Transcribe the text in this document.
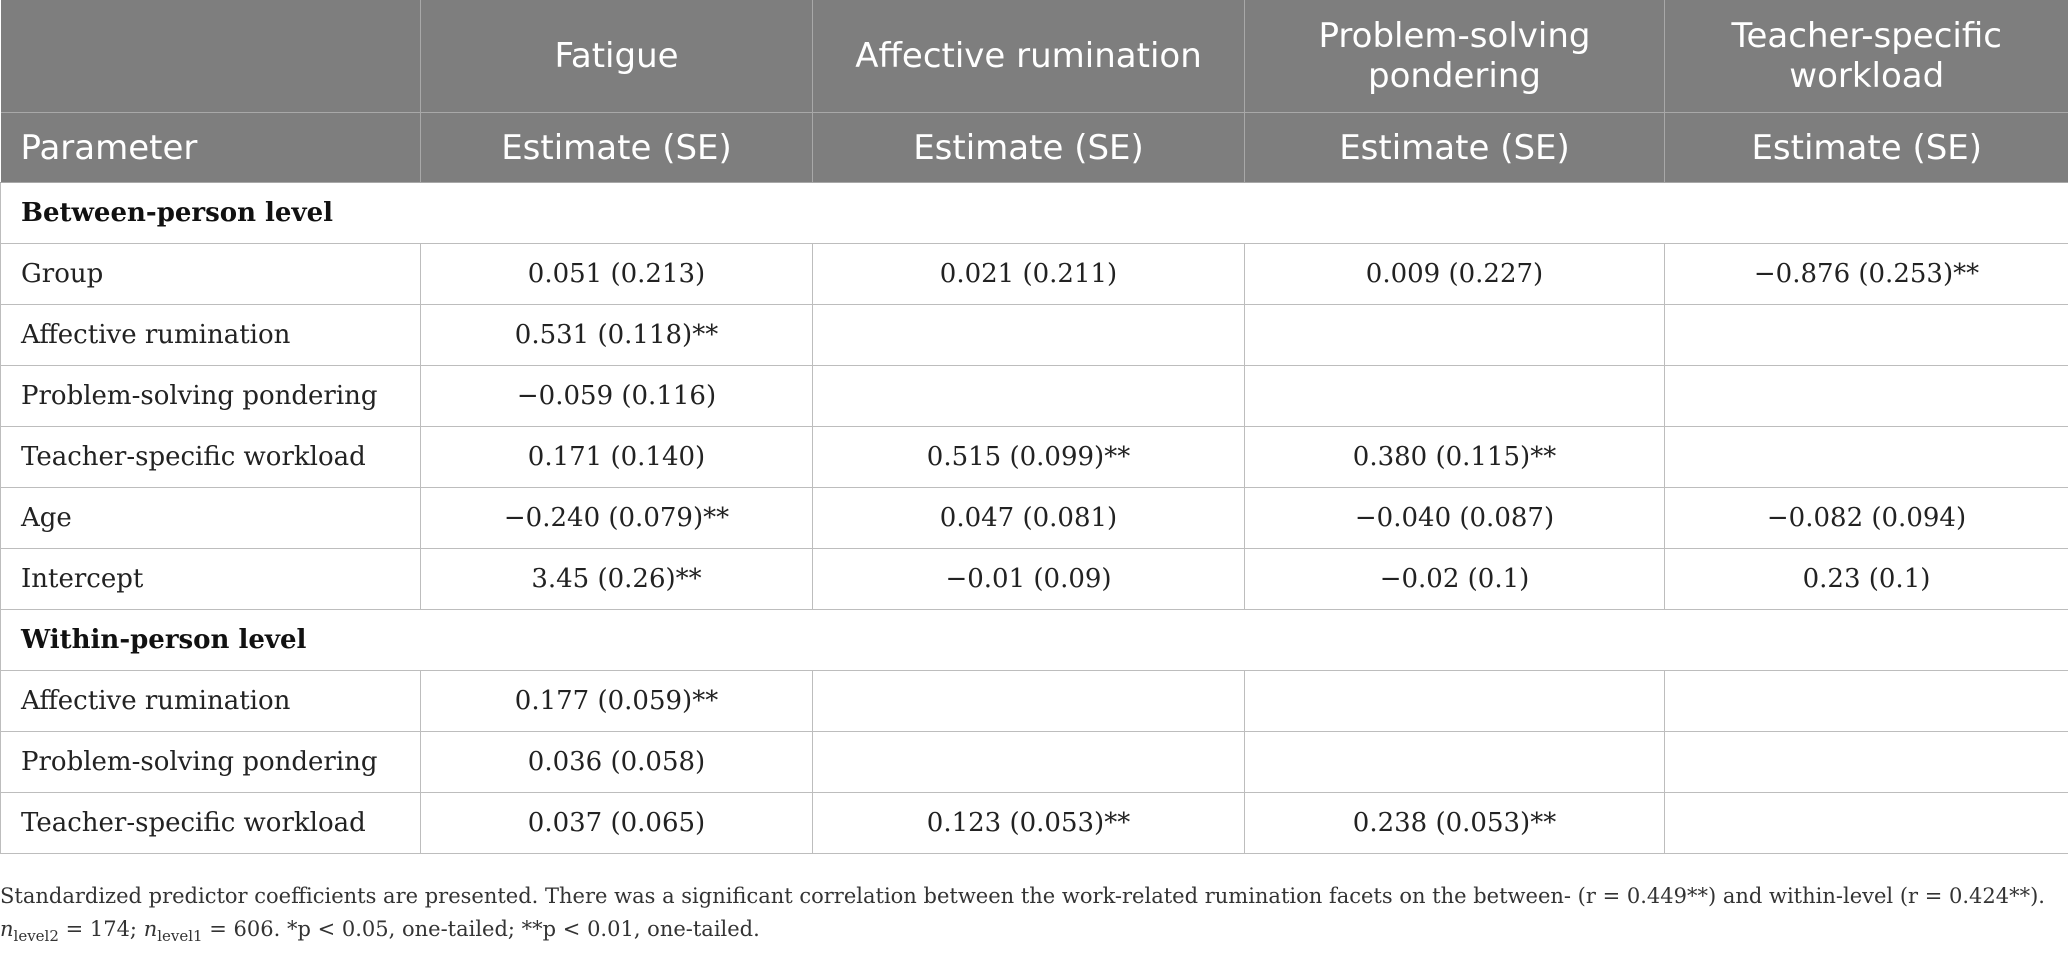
	Fatigue	Affective rumination	Problem-solving pondering	Teacher-specific workload
Parameter	Estimate (SE)	Estimate (SE)	Estimate (SE)	Estimate (SE)
Between-person level				
Group	0.051 (0.213)	0.021 (0.211)	0.009 (0.227)	−0.876 (0.253)**
Affective rumination	0.531 (0.118)**			
Problem-solving pondering	−0.059 (0.116)			
Teacher-specific workload	0.171 (0.140)	0.515 (0.099)**	0.380 (0.115)**	
Age	−0.240 (0.079)**	0.047 (0.081)	−0.040 (0.087)	−0.082 (0.094)
Intercept	3.45 (0.26)**	−0.01 (0.09)	−0.02 (0.1)	0.23 (0.1)
Within-person level				
Affective rumination	0.177 (0.059)**			
Problem-solving pondering	0.036 (0.058)			
Teacher-specific workload	0.037 (0.065)	0.123 (0.053)**	0.238 (0.053)**	

Standardized predictor coefficients are presented. There was a significant correlation between the work-related rumination facets on the between- (r = 0.449**) and within-level (r = 0.424**).

$n_{level2} = 174$; $n_{level1} = 606$. *p < 0.05, one-tailed; **p < 0.01, one-tailed.
